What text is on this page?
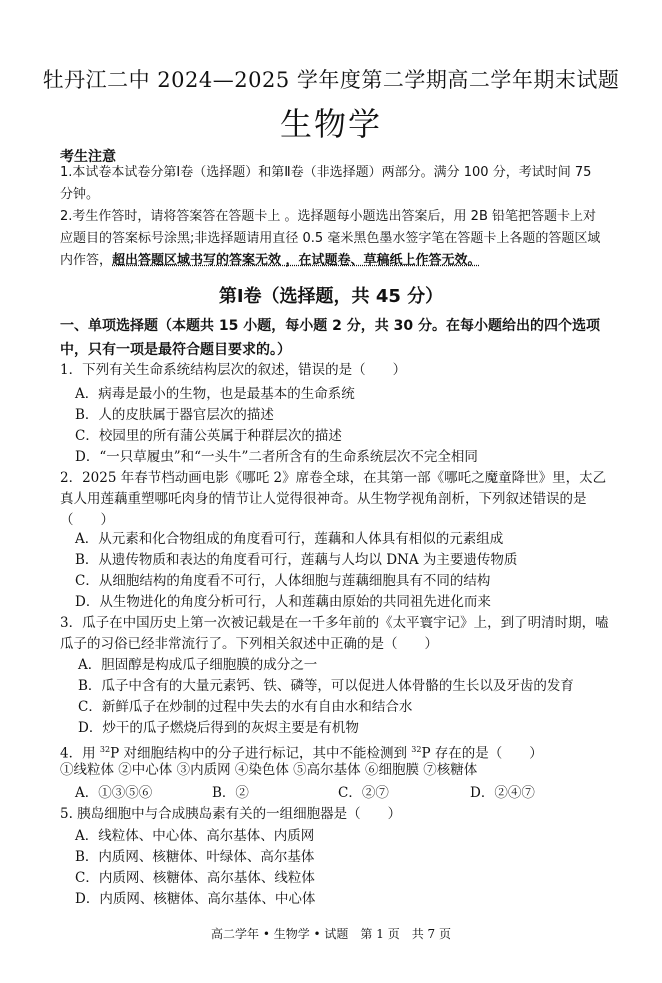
牡丹江二中 2024—2025 学年度第二学期高二学年期末试题
生物学
考生注意
1.本试卷本试卷分第Ⅰ卷（选择题）和第Ⅱ卷（非选择题）两部分。满分 100 分，考试时间 75 分钟。
2.考生作答时，请将答案答在答题卡上 。选择题每小题选出答案后，用 2B 铅笔把答题卡上对 应题目的答案标号涂黑;非选择题请用直径 0.5 毫米黑色墨水签字笔在答题卡上各题的答题区域内作答，超出答题区域书写的答案无效 ，在试题卷、草稿纸上作答无效。
第Ⅰ卷（选择题，共 45 分）
一、单项选择题（本题共 15 小题，每小题 2 分，共 30 分。在每小题给出的四个选项中，只有一项是最符合题目要求的。）
1．下列有关生命系统结构层次的叙述，错误的是（　　）
A．病毒是最小的生物，也是最基本的生命系统
B．人的皮肤属于器官层次的描述
C．校园里的所有蒲公英属于种群层次的描述
D．“一只草履虫”和“一头牛”二者所含有的生命系统层次不完全相同
2．2025 年春节档动画电影《哪吒 2》席卷全球，在其第一部《哪吒之魔童降世》里，太乙真人用莲藕重塑哪吒肉身的情节让人觉得很神奇。从生物学视角剖析，下列叙述错误的是（　　）
A．从元素和化合物组成的角度看可行，莲藕和人体具有相似的元素组成
B．从遗传物质和表达的角度看可行，莲藕与人均以 DNA 为主要遗传物质
C．从细胞结构的角度看不可行，人体细胞与莲藕细胞具有不同的结构
D．从生物进化的角度分析可行，人和莲藕由原始的共同祖先进化而来
3．瓜子在中国历史上第一次被记载是在一千多年前的《太平寰宇记》上，到了明清时期，嗑瓜子的习俗已经非常流行了。下列相关叙述中正确的是（　　）
A．胆固醇是构成瓜子细胞膜的成分之一
B．瓜子中含有的大量元素钙、铁、磷等，可以促进人体骨骼的生长以及牙齿的发育
C．新鲜瓜子在炒制的过程中失去的水有自由水和结合水
D．炒干的瓜子燃烧后得到的灰烬主要是有机物
4．用 $^{32}$P 对细胞结构中的分子进行标记，其中不能检测到 $^{32}$P 存在的是（　　）
①线粒体 ②中心体 ③内质网 ④染色体 ⑤高尔基体 ⑥细胞膜 ⑦核糖体
A．①③⑤⑥	B．②	C．②⑦	D．②④⑦
5. 胰岛细胞中与合成胰岛素有关的一组细胞器是（　　）
A．线粒体、中心体、高尔基体、内质网
B．内质网、核糖体、叶绿体、高尔基体
C．内质网、核糖体、高尔基体、线粒体
D．内质网、核糖体、高尔基体、中心体
高二学年 • 生物学 • 试题　第 1 页　共 7 页
